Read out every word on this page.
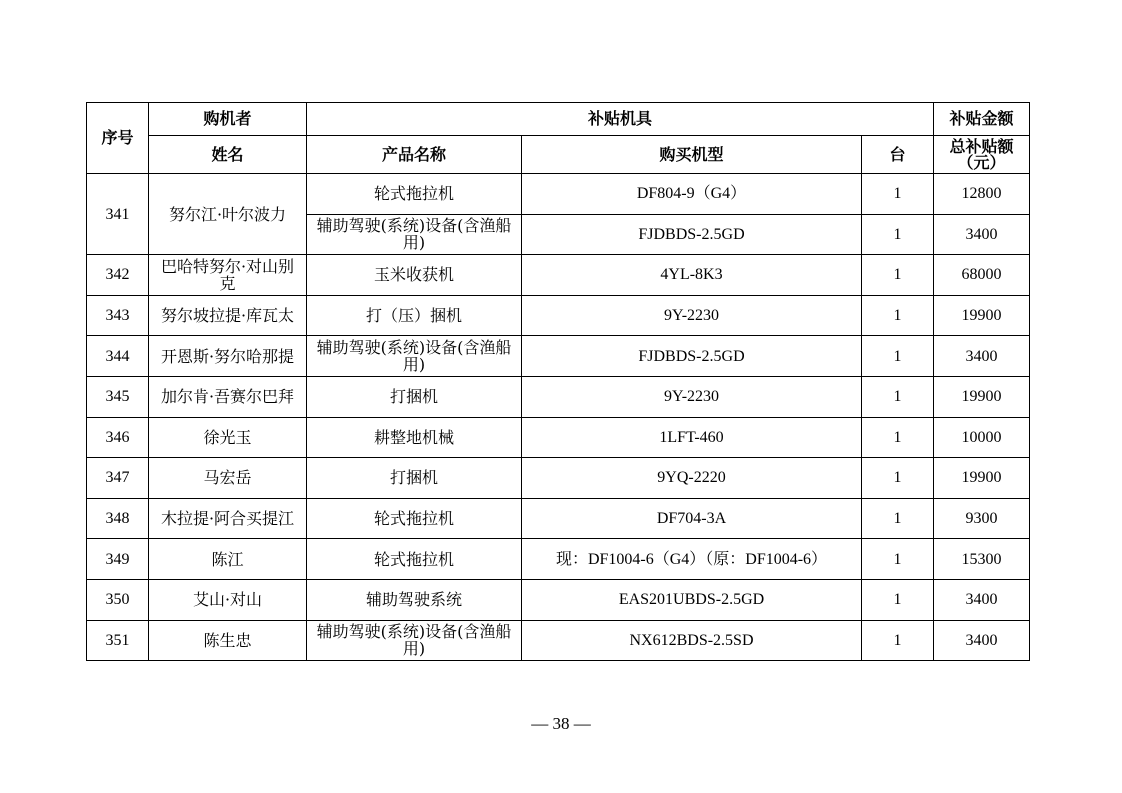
序号	购机者	补贴机具			补贴金额
	姓名	产品名称	购买机型	台	总补贴额（元）
341	努尔江·叶尔波力	轮式拖拉机	DF804-9（G4）	1	12800
		辅助驾驶(系统)设备(含渔船用)	FJDBDS-2.5GD	1	3400
342	巴哈特努尔·对山别克	玉米收获机	4YL-8K3	1	68000
343	努尔坡拉提·库瓦太	打（压）捆机	9Y-2230	1	19900
344	开恩斯·努尔哈那提	辅助驾驶(系统)设备(含渔船用)	FJDBDS-2.5GD	1	3400
345	加尔肯·吾赛尔巴拜	打捆机	9Y-2230	1	19900
346	徐光玉	耕整地机械	1LFT-460	1	10000
347	马宏岳	打捆机	9YQ-2220	1	19900
348	木拉提·阿合买提江	轮式拖拉机	DF704-3A	1	9300
349	陈江	轮式拖拉机	现：DF1004-6（G4）（原：DF1004-6）	1	15300
350	艾山·对山	辅助驾驶系统	EAS201UBDS-2.5GD	1	3400
351	陈生忠	辅助驾驶(系统)设备(含渔船用)	NX612BDS-2.5SD	1	3400
— 38 —
